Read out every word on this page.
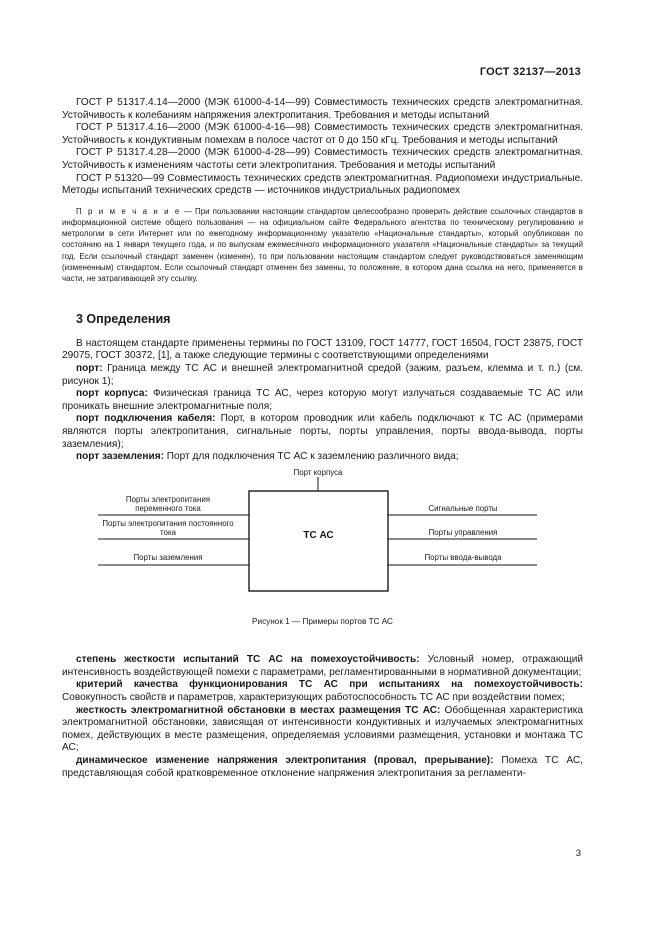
ГОСТ 32137—2013

ГОСТ Р 51317.4.14—2000 (МЭК 61000-4-14—99) Совместимость технических средств электромагнитная. Устойчивость к колебаниям напряжения электропитания. Требования и методы испытаний

ГОСТ Р 51317.4.16—2000 (МЭК 61000-4-16—98) Совместимость технических средств электромагнитная. Устойчивость к кондуктивным помехам в полосе частот от 0 до 150 кГц. Требования и методы испытаний

ГОСТ Р 51317.4.28—2000 (МЭК 61000-4-28—99) Совместимость технических средств электромагнитная. Устойчивость к изменениям частоты сети электропитания. Требования и методы испытаний

ГОСТ Р 51320—99 Совместимость технических средств электромагнитная. Радиопомехи индустриальные. Методы испытаний технических средств — источников индустриальных радиопомех

П р и м е ч а н и е — При пользовании настоящим стандартом целесообразно проверить действие ссылочных стандартов в информационной системе общего пользования — на официальном сайте Федерального агентства по техническому регулированию и метрологии в сети Интернет или по ежегодному информационному указателю «Национальные стандарты», который опубликован по состоянию на 1 января текущего года, и по выпускам ежемесячного информационного указателя «Национальные стандарты» за текущий год. Если ссылочный стандарт заменен (изменен), то при пользовании настоящим стандартом следует руководствоваться заменяющим (измененным) стандартом. Если ссылочный стандарт отменен без замены, то положение, в котором дана ссылка на него, применяется в части, не затрагивающей эту ссылку.

3 Определения

В настоящем стандарте применены термины по ГОСТ 13109, ГОСТ 14777, ГОСТ 16504, ГОСТ 23875, ГОСТ 29075, ГОСТ 30372, [1], а также следующие термины с соответствующими определениями

порт: Граница между ТС АС и внешней электромагнитной средой (зажим, разъем, клемма и т. п.) (см. рисунок 1);

порт корпуса: Физическая граница ТС АС, через которую могут излучаться создаваемые ТС АС или проникать внешние электромагнитные поля;

порт подключения кабеля: Порт, в котором проводник или кабель подключают к ТС АС (примерами являются порты электропитания, сигнальные порты, порты управления, порты ввода-вывода, порты заземления);

порт заземления: Порт для подключения ТС АС к заземлению различного вида;

Порт корпуса
ТС АС
Порты электропитания переменного тока
Порты электропитания постоянного тока
Порты заземления
Сигнальные порты
Порты управления
Порты ввода-вывода
Рисунок 1 — Примеры портов ТС АС

степень жесткости испытаний ТС АС на помехоустойчивость: Условный номер, отражающий интенсивность воздействующей помехи с параметрами, регламентированными в нормативной документации;

критерий качества функционирования ТС АС при испытаниях на помехоустойчивость: Совокупность свойств и параметров, характеризующих работоспособность ТС АС при воздействии помех;

жесткость электромагнитной обстановки в местах размещения ТС АС: Обобщенная характеристика электромагнитной обстановки, зависящая от интенсивности кондуктивных и излучаемых электромагнитных помех, действующих в месте размещения, определяемая условиями размещения, установки и монтажа ТС АС;

динамическое изменение напряжения электропитания (провал, прерывание): Помеха ТС АС, представляющая собой кратковременное отклонение напряжения электропитания за регламенти-

3
